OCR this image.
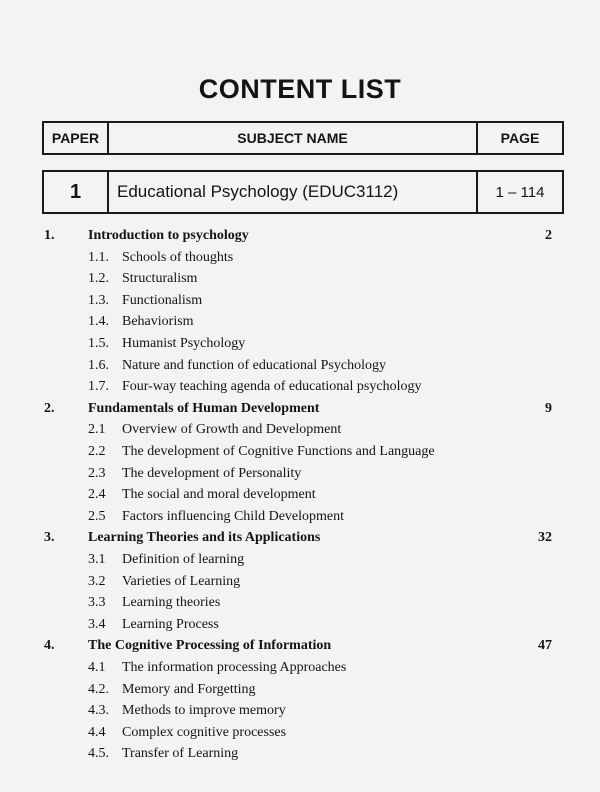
CONTENT LIST
PAPER	SUBJECT NAME	PAGE
1	Educational Psychology (EDUC3112)	1 – 114
1. Introduction to psychology	2
1.1. Schools of thoughts
1.2. Structuralism
1.3. Functionalism
1.4. Behaviorism
1.5. Humanist Psychology
1.6. Nature and function of educational Psychology
1.7. Four-way teaching agenda of educational psychology
2. Fundamentals of Human Development	9
2.1 Overview of Growth and Development
2.2 The development of Cognitive Functions and Language
2.3 The development of Personality
2.4 The social and moral development
2.5 Factors influencing Child Development
3. Learning Theories and its Applications	32
3.1 Definition of learning
3.2 Varieties of Learning
3.3 Learning theories
3.4 Learning Process
4. The Cognitive Processing of Information	47
4.1 The information processing Approaches
4.2. Memory and Forgetting
4.3. Methods to improve memory
4.4 Complex cognitive processes
4.5. Transfer of Learning
